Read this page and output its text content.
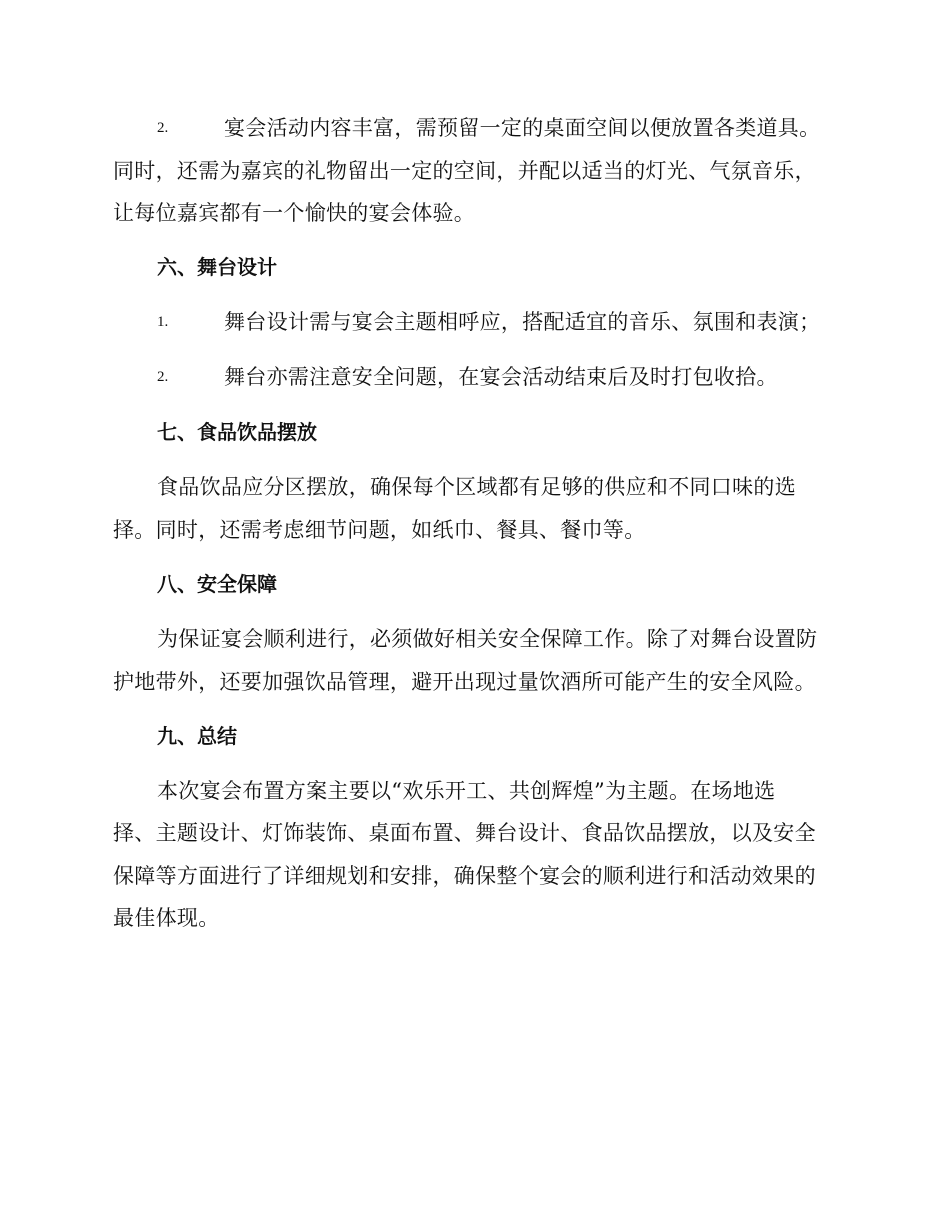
2.	宴会活动内容丰富，需预留一定的桌面空间以便放置各类道具。
同时，还需为嘉宾的礼物留出一定的空间，并配以适当的灯光、气氛音乐，
让每位嘉宾都有一个愉快的宴会体验。
六、舞台设计
1.	舞台设计需与宴会主题相呼应，搭配适宜的音乐、氛围和表演；
2.	舞台亦需注意安全问题，在宴会活动结束后及时打包收拾。
七、食品饮品摆放
食品饮品应分区摆放，确保每个区域都有足够的供应和不同口味的选
择。同时，还需考虑细节问题，如纸巾、餐具、餐巾等。
八、安全保障
为保证宴会顺利进行，必须做好相关安全保障工作。除了对舞台设置防
护地带外，还要加强饮品管理，避开出现过量饮酒所可能产生的安全风险。
九、总结
本次宴会布置方案主要以“欢乐开工、共创辉煌”为主题。在场地选
择、主题设计、灯饰装饰、桌面布置、舞台设计、食品饮品摆放，以及安全
保障等方面进行了详细规划和安排，确保整个宴会的顺利进行和活动效果的
最佳体现。
